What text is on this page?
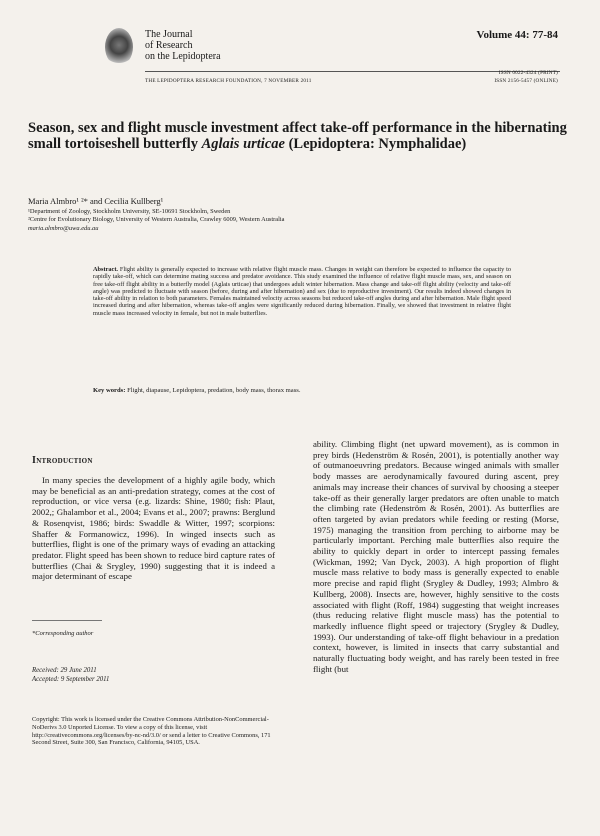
The Journal
of Research
on the Lepidoptera
Volume 44: 77-84
THE LEPIDOPTERA RESEARCH FOUNDATION, 7 NOVEMBER 2011
ISSN 0022-4324 (PRINT)
ISSN 2156-5457 (ONLINE)
Season, sex and flight muscle investment affect take-off performance in the hibernating small tortoiseshell butterfly Aglais urticae (Lepidoptera: Nymphalidae)
Maria Almbro¹ ²* and Cecilia Kullberg¹
¹Department of Zoology, Stockholm University, SE-10691 Stockholm, Sweden
²Centre for Evolutionary Biology, University of Western Australia, Crawley 6009, Western Australia
maria.almbro@uwa.edu.au
Abstract. Flight ability is generally expected to increase with relative flight muscle mass. Changes in weight can therefore be expected to influence the capacity to rapidly take-off, which can determine mating success and predator avoidance. This study examined the influence of relative flight muscle mass, sex, and season on free take-off flight ability in a butterfly model (Aglais urticae) that undergoes adult winter hibernation. Mass change and take-off flight ability (velocity and take-off angle) was predicted to fluctuate with season (before, during and after hibernation) and sex (due to reproductive investment). Our results indeed showed changes in take-off ability in relation to both parameters. Females maintained velocity across seasons but reduced take-off angles during and after hibernation. Male flight speed increased during and after hibernation, whereas take-off angles were significantly reduced during hibernation. Finally, we showed that investment in relative flight muscle mass increased velocity in female, but not in male butterflies.
Key words: Flight, diapause, Lepidoptera, predation, body mass, thorax mass.
Introduction
In many species the development of a highly agile body, which may be beneficial as an anti-predation strategy, comes at the cost of reproduction, or vice versa (e.g. lizards: Shine, 1980; fish: Plaut, 2002,; Ghalambor et al., 2004; Evans et al., 2007; prawns: Berglund & Rosenqvist, 1986; birds: Swaddle & Witter, 1997; scorpions: Shaffer & Formanowicz, 1996). In winged insects such as butterflies, flight is one of the primary ways of evading an attacking predator. Flight speed has been shown to reduce bird capture rates of butterflies (Chai & Srygley, 1990) suggesting that it is indeed a major determinant of escape
ability. Climbing flight (net upward movement), as is common in prey birds (Hedenström & Rosén, 2001), is potentially another way of outmanoeuvring predators. Because winged animals with smaller body masses are aerodynamically favoured during ascent, prey animals may increase their chances of survival by choosing a steeper take-off as their generally larger predators are often unable to match the climbing rate (Hedenström & Rosén, 2001). As butterflies are often targeted by avian predators while feeding or resting (Morse, 1975) managing the transition from perching to airborne may be particularly important. Perching male butterflies also require the ability to quickly depart in order to intercept passing females (Wickman, 1992; Van Dyck, 2003). A high proportion of flight muscle mass relative to body mass is generally expected to enable more precise and rapid flight (Srygley & Dudley, 1993; Almbro & Kullberg, 2008). Insects are, however, highly sensitive to the costs associated with flight (Roff, 1984) suggesting that weight increases (thus reducing relative flight muscle mass) has the potential to markedly influence flight speed or trajectory (Srygley & Dudley, 1993). Our understanding of take-off flight behaviour in a predation context, however, is limited in insects that carry substantial and naturally fluctuating body weight, and has rarely been tested in free flight (but
*Corresponding author
Received: 29 June 2011
Accepted: 9 September 2011
Copyright: This work is licensed under the Creative Commons Attribution-NonCommercial-NoDerivs 3.0 Unported License. To view a copy of this license, visit http://creativecommons.org/licenses/by-nc-nd/3.0/ or send a letter to Creative Commons, 171 Second Street, Suite 300, San Francisco, California, 94105, USA.
